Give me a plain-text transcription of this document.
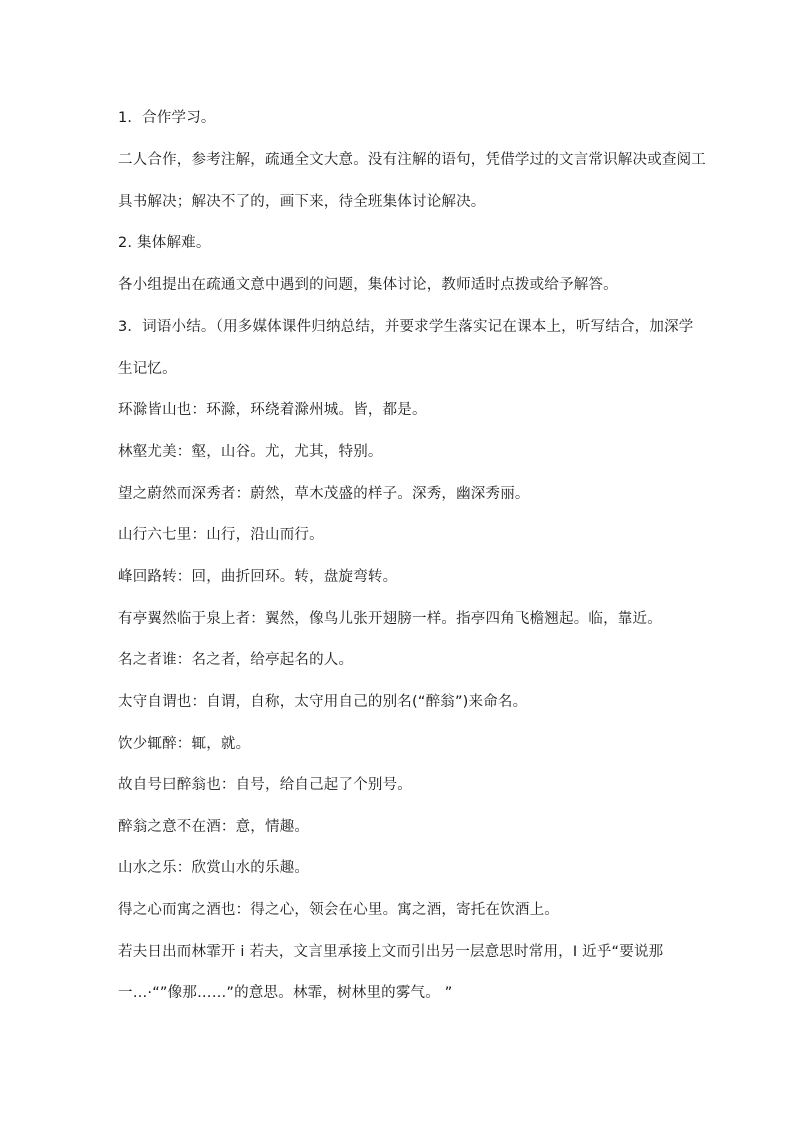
1．合作学习。
二人合作，参考注解，疏通全文大意。没有注解的语句，凭借学过的文言常识解决或查阅工
具书解决；解决不了的，画下来，待全班集体讨论解决。
2. 集体解难。
各小组提出在疏通文意中遇到的问题，集体讨论，教师适时点拨或给予解答。
3．词语小结。（用多媒体课件归纳总结，并要求学生落实记在课本上，听写结合，加深学
生记忆。
环滁皆山也：环滁，环绕着滁州城。皆，都是。
林壑尤美：壑，山谷。尤，尤其，特别。
望之蔚然而深秀者：蔚然，草木茂盛的样子。深秀，幽深秀丽。
山行六七里：山行，沿山而行。
峰回路转：回，曲折回环。转，盘旋弯转。
有亭翼然临于泉上者：翼然，像鸟儿张开翅膀一样。指亭四角飞檐翘起。临，靠近。
名之者谁：名之者，给亭起名的人。
太守自谓也：自谓，自称，太守用自己的别名(“醉翁”)来命名。
饮少辄醉：辄，就。
故自号曰醉翁也：自号，给自己起了个别号。
醉翁之意不在酒：意，情趣。
山水之乐：欣赏山水的乐趣。
得之心而寓之酒也：得之心，领会在心里。寓之酒，寄托在饮酒上。
若夫日出而林霏开 i 若夫，文言里承接上文而引出另一层意思时常用，I 近乎“要说那
一…·“”像那……”的意思。林霏，树林里的雾气。 ”
